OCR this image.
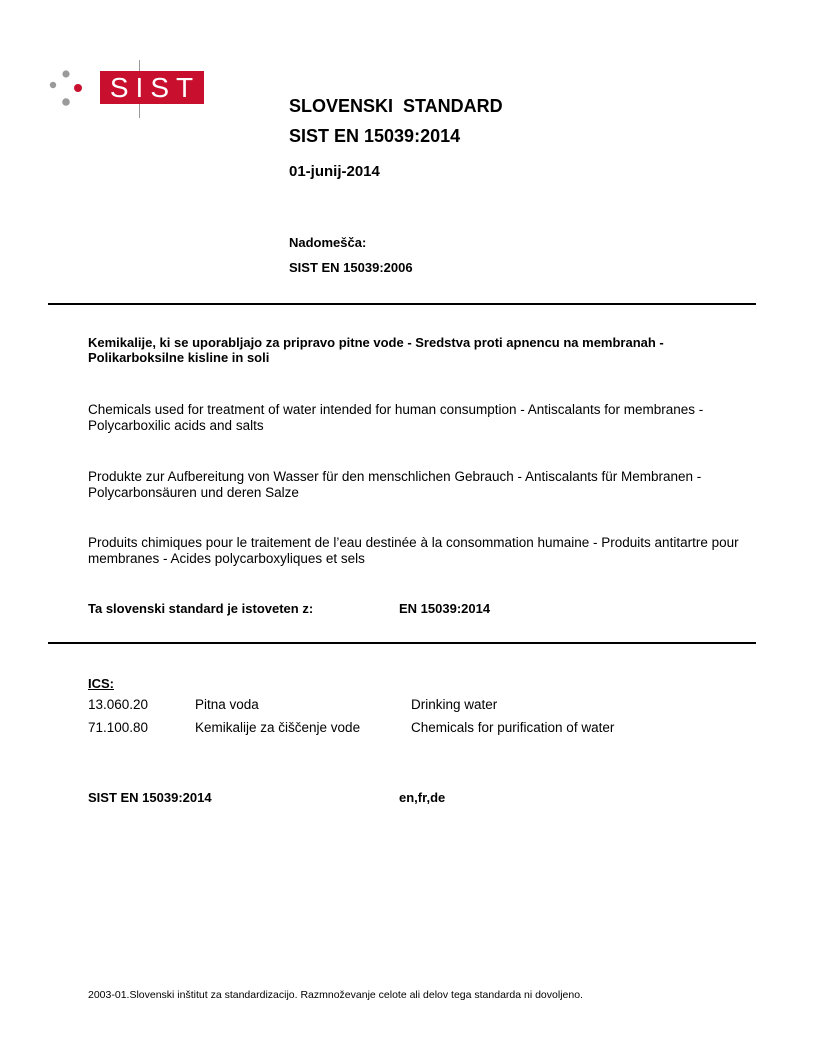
SIST
SLOVENSKI  STANDARD
SIST EN 15039:2014
01-junij-2014
Nadomešča:
SIST EN 15039:2006
Kemikalije, ki se uporabljajo za pripravo pitne vode - Sredstva proti apnencu na membranah - Polikarboksilne kisline in soli
Chemicals used for treatment of water intended for human consumption - Antiscalants for membranes - Polycarboxilic acids and salts
Produkte zur Aufbereitung von Wasser für den menschlichen Gebrauch - Antiscalants für Membranen - Polycarbonsäuren und deren Salze
Produits chimiques pour le traitement de l’eau destinée à la consommation humaine - Produits antitartre pour membranes - Acides polycarboxyliques et sels
Ta slovenski standard je istoveten z:	EN 15039:2014
ICS:
13.060.20	Pitna voda	Drinking water
71.100.80	Kemikalije za čiščenje vode	Chemicals for purification of water
SIST EN 15039:2014	en,fr,de
2003-01.Slovenski inštitut za standardizacijo. Razmnoževanje celote ali delov tega standarda ni dovoljeno.
